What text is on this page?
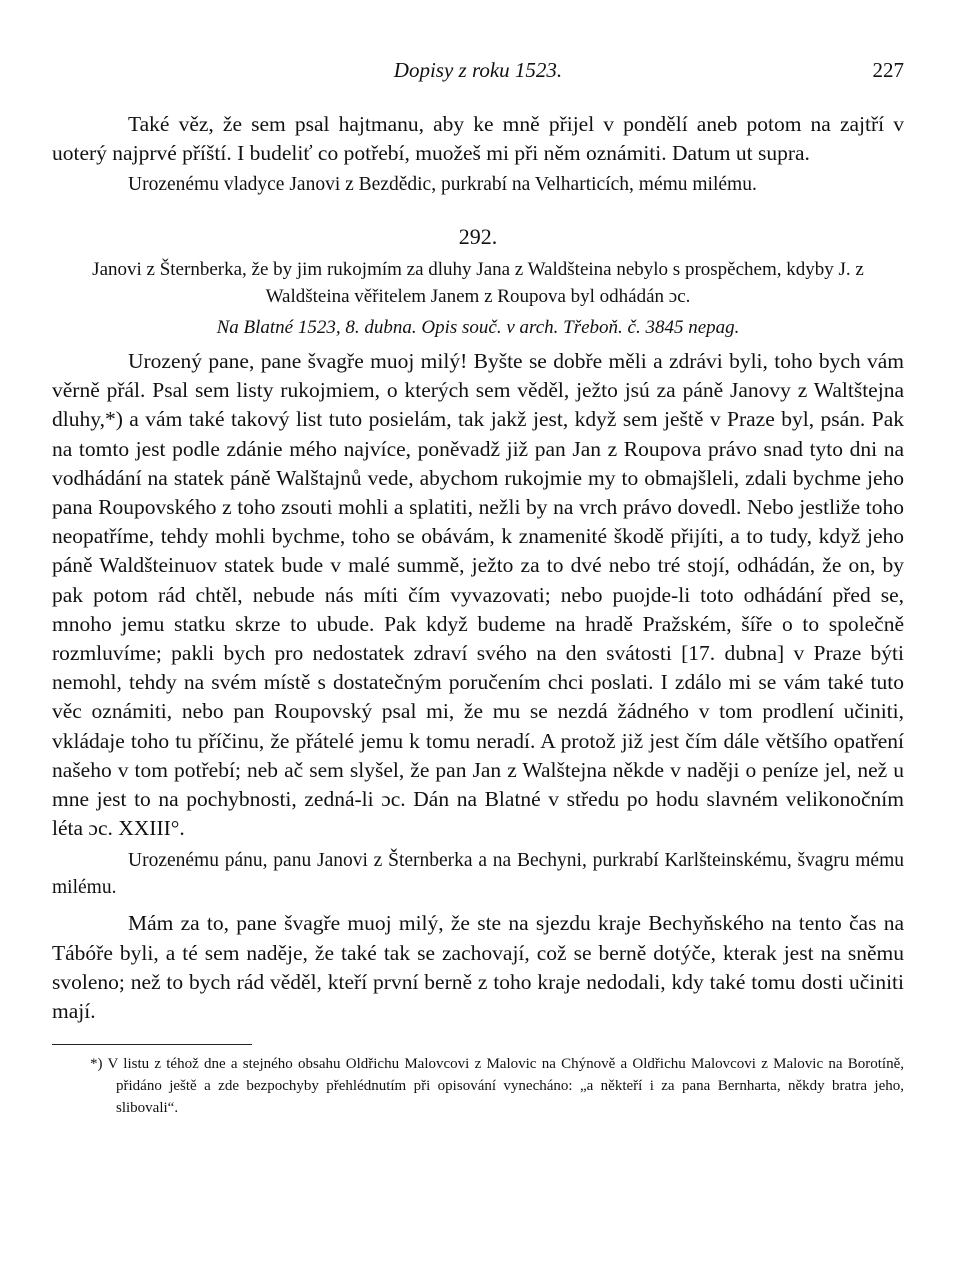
Dopisy z roku 1523.	227

Také věz, že sem psal hajtmanu, aby ke mně přijel v pondělí aneb potom na zajtří v uoterý najprvé příští. I budeliť co potřebí, muožeš mi při něm oznámiti. Datum ut supra.

Urozenému vladyce Janovi z Bezdědic, purkrabí na Velharticích, mému milému.

292.

Janovi z Šternberka, že by jim rukojmím za dluhy Jana z Waldšteina nebylo s prospěchem, kdyby J. z Waldšteina věřitelem Janem z Roupova byl odhádán ɔc.

Na Blatné 1523, 8. dubna. Opis souč. v arch. Třeboň. č. 3845 nepag.

Urozený pane, pane švagře muoj milý! Byšte se dobře měli a zdrávi byli, toho bych vám věrně přál. Psal sem listy rukojmiem, o kterých sem věděl, ježto jsú za páně Janovy z Waltštejna dluhy,*) a vám také takový list tuto posielám, tak jakž jest, když sem ještě v Praze byl, psán. Pak na tomto jest podle zdánie mého najvíce, poněvadž již pan Jan z Roupova právo snad tyto dni na vodhádání na statek páně Walštajnů vede, abychom rukojmie my to obmajšleli, zdali bychme jeho pana Roupovského z toho zsouti mohli a splatiti, nežli by na vrch právo dovedl. Nebo jestliže toho neopatříme, tehdy mohli bychme, toho se obávám, k znamenité škodě přijíti, a to tudy, když jeho páně Waldšteinuov statek bude v malé summě, ježto za to dvé nebo tré stojí, odhádán, že on, by pak potom rád chtěl, nebude nás míti čím vyvazovati; nebo puojde-li toto odhádání před se, mnoho jemu statku skrze to ubude. Pak když budeme na hradě Pražském, šíře o to společně rozmluvíme; pakli bych pro nedostatek zdraví svého na den svátosti [17. dubna] v Praze býti nemohl, tehdy na svém místě s dostatečným poručením chci poslati. I zdálo mi se vám také tuto věc oznámiti, nebo pan Roupovský psal mi, že mu se nezdá žádného v tom prodlení učiniti, vkládaje toho tu příčinu, že přátelé jemu k tomu neradí. A protož již jest čím dále většího opatření našeho v tom potřebí; neb ač sem slyšel, že pan Jan z Walštejna někde v naději o peníze jel, než u mne jest to na pochybnosti, zedná-li ɔc. Dán na Blatné v středu po hodu slavném velikonočním léta ɔc. XXIII°.

Urozenému pánu, panu Janovi z Šternberka a na Bechyni, purkrabí Karlšteinskému, švagru mému milému.

Mám za to, pane švagře muoj milý, že ste na sjezdu kraje Bechyňského na tento čas na Tábóře byli, a té sem naděje, že také tak se zachovají, což se berně dotýče, kterak jest na sněmu svoleno; než to bych rád věděl, kteří první berně z toho kraje nedodali, kdy také tomu dosti učiniti mají.

*) V listu z téhož dne a stejného obsahu Oldřichu Malovcovi z Malovic na Chýnově a Oldřichu Malovcovi z Malovic na Borotíně, přidáno ještě a zde bezpochyby přehlédnutím při opisování vynecháno: „a někteří i za pana Bernharta, někdy bratra jeho, slibovali“.
